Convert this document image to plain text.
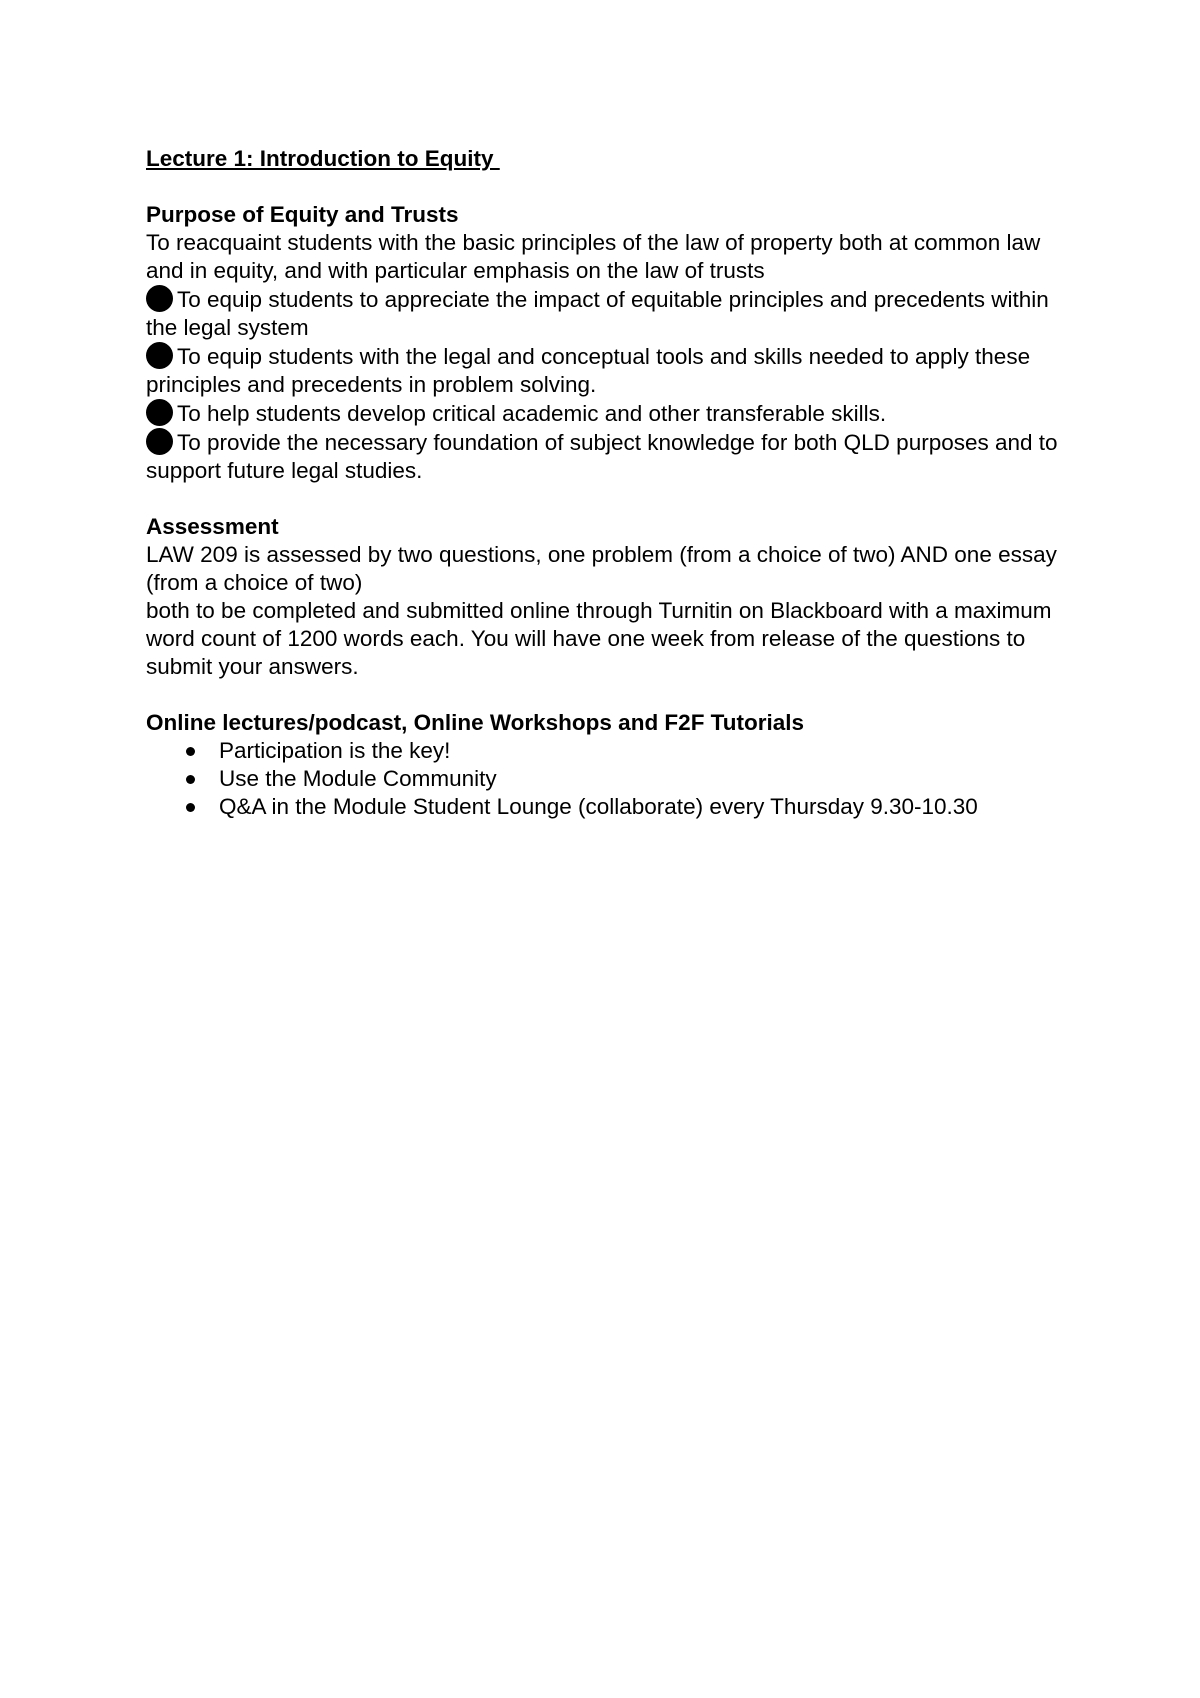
Lecture 1: Introduction to Equity

Purpose of Equity and Trusts

To reacquaint students with the basic principles of the law of property both at common law and in equity, and with particular emphasis on the law of trusts

To equip students to appreciate the impact of equitable principles and precedents within the legal system

To equip students with the legal and conceptual tools and skills needed to apply these principles and precedents in problem solving.

To help students develop critical academic and other transferable skills.

To provide the necessary foundation of subject knowledge for both QLD purposes and to support future legal studies.

Assessment

LAW 209 is assessed by two questions, one problem (from a choice of two) AND one essay (from a choice of two)

both to be completed and submitted online through Turnitin on Blackboard with a maximum word count of 1200 words each. You will have one week from release of the questions to submit your answers.

Online lectures/podcast, Online Workshops and F2F Tutorials

Participation is the key!
Use the Module Community
Q&A in the Module Student Lounge (collaborate) every Thursday 9.30-10.30
